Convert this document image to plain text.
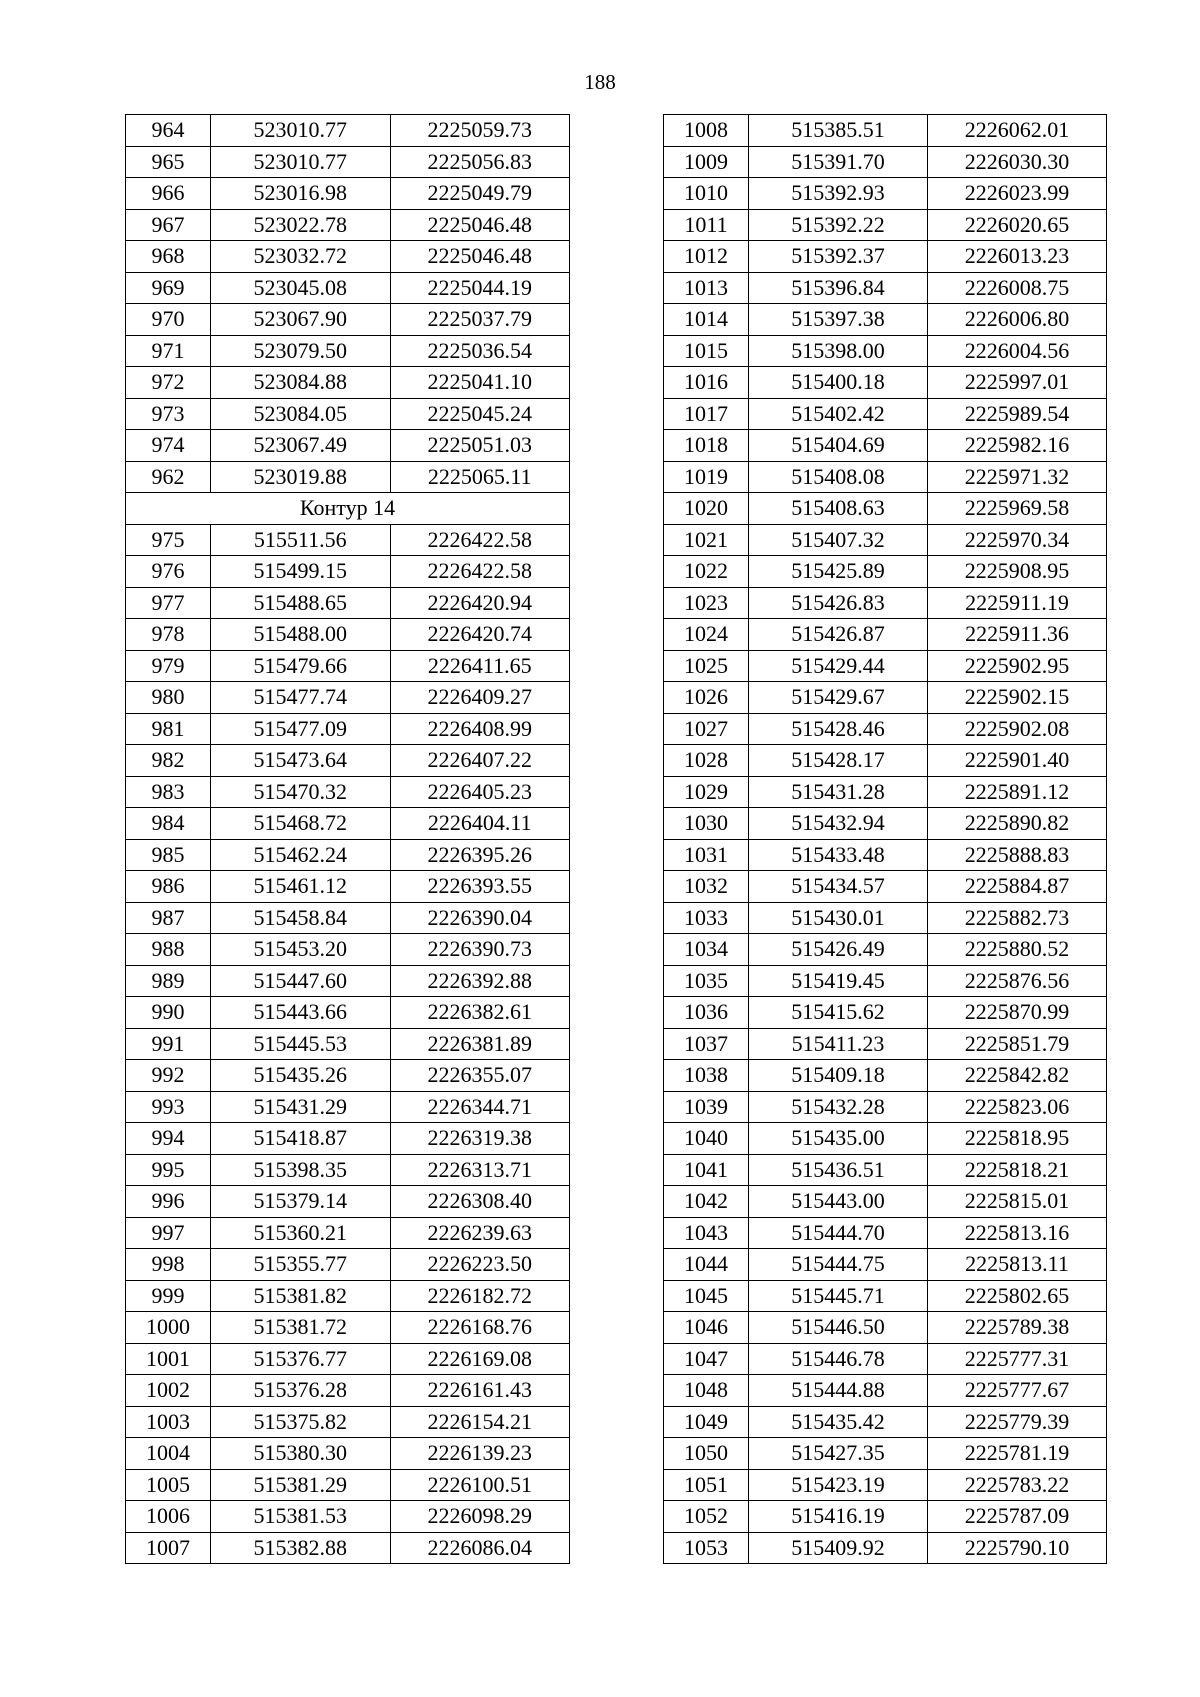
188
964	523010.77	2225059.73
965	523010.77	2225056.83
966	523016.98	2225049.79
967	523022.78	2225046.48
968	523032.72	2225046.48
969	523045.08	2225044.19
970	523067.90	2225037.79
971	523079.50	2225036.54
972	523084.88	2225041.10
973	523084.05	2225045.24
974	523067.49	2225051.03
962	523019.88	2225065.11
Контур 14		
975	515511.56	2226422.58
976	515499.15	2226422.58
977	515488.65	2226420.94
978	515488.00	2226420.74
979	515479.66	2226411.65
980	515477.74	2226409.27
981	515477.09	2226408.99
982	515473.64	2226407.22
983	515470.32	2226405.23
984	515468.72	2226404.11
985	515462.24	2226395.26
986	515461.12	2226393.55
987	515458.84	2226390.04
988	515453.20	2226390.73
989	515447.60	2226392.88
990	515443.66	2226382.61
991	515445.53	2226381.89
992	515435.26	2226355.07
993	515431.29	2226344.71
994	515418.87	2226319.38
995	515398.35	2226313.71
996	515379.14	2226308.40
997	515360.21	2226239.63
998	515355.77	2226223.50
999	515381.82	2226182.72
1000	515381.72	2226168.76
1001	515376.77	2226169.08
1002	515376.28	2226161.43
1003	515375.82	2226154.21
1004	515380.30	2226139.23
1005	515381.29	2226100.51
1006	515381.53	2226098.29
1007	515382.88	2226086.04
1008	515385.51	2226062.01
1009	515391.70	2226030.30
1010	515392.93	2226023.99
1011	515392.22	2226020.65
1012	515392.37	2226013.23
1013	515396.84	2226008.75
1014	515397.38	2226006.80
1015	515398.00	2226004.56
1016	515400.18	2225997.01
1017	515402.42	2225989.54
1018	515404.69	2225982.16
1019	515408.08	2225971.32
1020	515408.63	2225969.58
1021	515407.32	2225970.34
1022	515425.89	2225908.95
1023	515426.83	2225911.19
1024	515426.87	2225911.36
1025	515429.44	2225902.95
1026	515429.67	2225902.15
1027	515428.46	2225902.08
1028	515428.17	2225901.40
1029	515431.28	2225891.12
1030	515432.94	2225890.82
1031	515433.48	2225888.83
1032	515434.57	2225884.87
1033	515430.01	2225882.73
1034	515426.49	2225880.52
1035	515419.45	2225876.56
1036	515415.62	2225870.99
1037	515411.23	2225851.79
1038	515409.18	2225842.82
1039	515432.28	2225823.06
1040	515435.00	2225818.95
1041	515436.51	2225818.21
1042	515443.00	2225815.01
1043	515444.70	2225813.16
1044	515444.75	2225813.11
1045	515445.71	2225802.65
1046	515446.50	2225789.38
1047	515446.78	2225777.31
1048	515444.88	2225777.67
1049	515435.42	2225779.39
1050	515427.35	2225781.19
1051	515423.19	2225783.22
1052	515416.19	2225787.09
1053	515409.92	2225790.10
